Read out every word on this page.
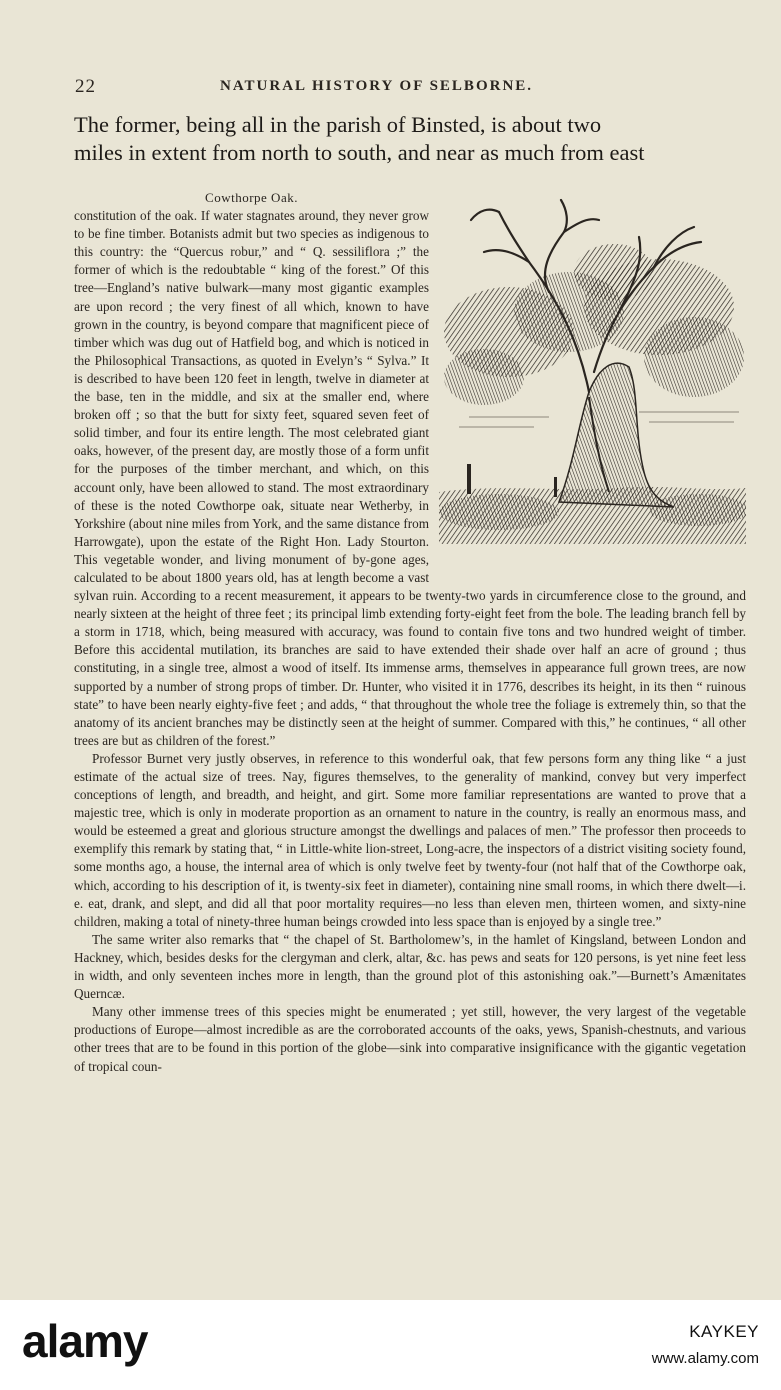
22	NATURAL HISTORY OF SELBORNE.
The former, being all in the parish of Binsted, is about two
miles in extent from north to south, and near as much from east

Cowthorpe Oak.
constitution of the oak. If water stagnates around, they never grow to be fine timber. Botanists admit but two species as indigenous to this country: the “Quercus robur,” and “ Q. sessiliflora ;” the former of which is the redoubtable “ king of the forest.” Of this tree—England’s native bulwark—many most gigantic examples are upon record ; the very finest of all which, known to have grown in the country, is beyond compare that magnificent piece of timber which was dug out of Hatfield bog, and which is noticed in the Philosophical Transactions, as quoted in Evelyn’s “ Sylva.” It is described to have been 120 feet in length, twelve in diameter at the base, ten in the middle, and six at the smaller end, where broken off ; so that the butt for sixty feet, squared seven feet of solid timber, and four its entire length. The most celebrated giant oaks, however, of the present day, are mostly those of a form unfit for the purposes of the timber merchant, and which, on this account only, have been allowed to stand. The most extraordinary of these is the noted Cowthorpe oak, situate near Wetherby, in Yorkshire (about nine miles from York, and the same distance from Harrowgate), upon the estate of the Right Hon. Lady Stourton. This vegetable wonder, and living monument of by-gone ages, calculated to be about 1800 years old, has at length become a vast sylvan ruin. According to a recent measurement, it appears to be twenty-two yards in circumference close to the ground, and nearly sixteen at the height of three feet ; its principal limb extending forty-eight feet from the bole. The leading branch fell by a storm in 1718, which, being measured with accuracy, was found to contain five tons and two hundred weight of timber. Before this accidental mutilation, its branches are said to have extended their shade over half an acre of ground ; thus constituting, in a single tree, almost a wood of itself. Its immense arms, themselves in appearance full grown trees, are now supported by a number of strong props of timber. Dr. Hunter, who visited it in 1776, describes its height, in its then “ ruinous state” to have been nearly eighty-five feet ; and adds, “ that throughout the whole tree the foliage is extremely thin, so that the anatomy of its ancient branches may be distinctly seen at the height of summer. Compared with this,” he continues, “ all other trees are but as children of the forest.”

Professor Burnet very justly observes, in reference to this wonderful oak, that few persons form any thing like “ a just estimate of the actual size of trees. Nay, figures themselves, to the generality of mankind, convey but very imperfect conceptions of length, and breadth, and height, and girt. Some more familiar representations are wanted to prove that a majestic tree, which is only in moderate proportion as an ornament to nature in the country, is really an enormous mass, and would be esteemed a great and glorious structure amongst the dwellings and palaces of men.” The professor then proceeds to exemplify this remark by stating that, “ in Little-white lion-street, Long-acre, the inspectors of a district visiting society found, some months ago, a house, the internal area of which is only twelve feet by twenty-four (not half that of the Cowthorpe oak, which, according to his description of it, is twenty-six feet in diameter), containing nine small rooms, in which there dwelt—i. e. eat, drank, and slept, and did all that poor mortality requires—no less than eleven men, thirteen women, and sixty-nine children, making a total of ninety-three human beings crowded into less space than is enjoyed by a single tree.”

The same writer also remarks that “ the chapel of St. Bartholomew’s, in the hamlet of Kingsland, between London and Hackney, which, besides desks for the clergyman and clerk, altar, &c. has pews and seats for 120 persons, is yet nine feet less in width, and only seventeen inches more in length, than the ground plot of this astonishing oak.”—Burnett’s Amænitates Querncæ.

Many other immense trees of this species might be enumerated ; yet still, however, the very largest of the vegetable productions of Europe—almost incredible as are the corroborated accounts of the oaks, yews, Spanish-chestnuts, and various other trees that are to be found in this portion of the globe—sink into comparative insignificance with the gigantic vegetation of tropical coun-

alamy	KAYKEY
www.alamy.com
